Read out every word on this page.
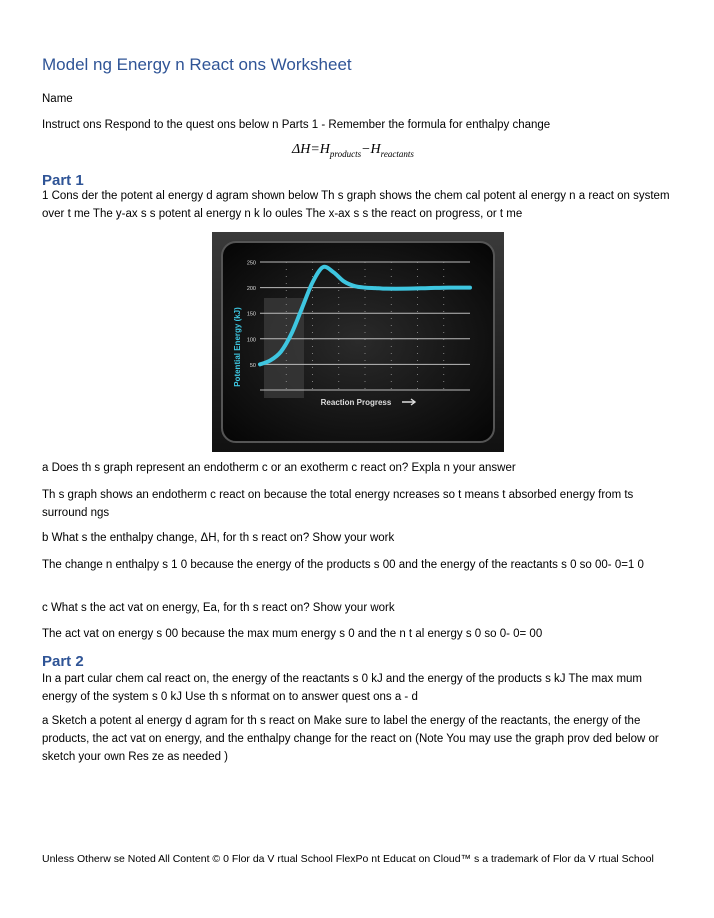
Model ng Energy n React ons Worksheet
Name
Instruct ons Respond to the quest ons below n Parts 1 - Remember the formula for enthalpy change
$\Delta H=H_{products}-H_{reactants}$
Part 1
1 Cons der the potent al energy d agram shown below Th s graph shows the chem cal potent al energy n a react on system over t me The y-ax s s potent al energy n k lo oules The x-ax s s the react on progress, or t me
250
200
150
100
50
Potential Energy (kJ)
Reaction Progress
a Does th s graph represent an endotherm c or an exotherm c react on? Expla n your answer
Th s graph shows an endotherm c react on because the total energy ncreases so t means t absorbed energy from ts surround ngs
b What s the enthalpy change, ΔH, for th s react on? Show your work
The change n enthalpy s 1 0 because the energy of the products s 00 and the energy of the reactants s 0 so 00- 0=1 0
c What s the act vat on energy, Ea, for th s react on? Show your work
The act vat on energy s 00 because the max mum energy s 0 and the n t al energy s 0 so 0- 0= 00
Part 2
In a part cular chem cal react on, the energy of the reactants s 0 kJ and the energy of the products s kJ The max mum energy of the system s 0 kJ Use th s nformat on to answer quest ons a - d
a Sketch a potent al energy d agram for th s react on Make sure to label the energy of the reactants, the energy of the products, the act vat on energy, and the enthalpy change for the react on (Note You may use the graph prov ded below or sketch your own Res ze as needed )
Unless Otherw se Noted All Content © 0 Flor da V rtual School FlexPo nt Educat on Cloud™ s a trademark of Flor da V rtual School
